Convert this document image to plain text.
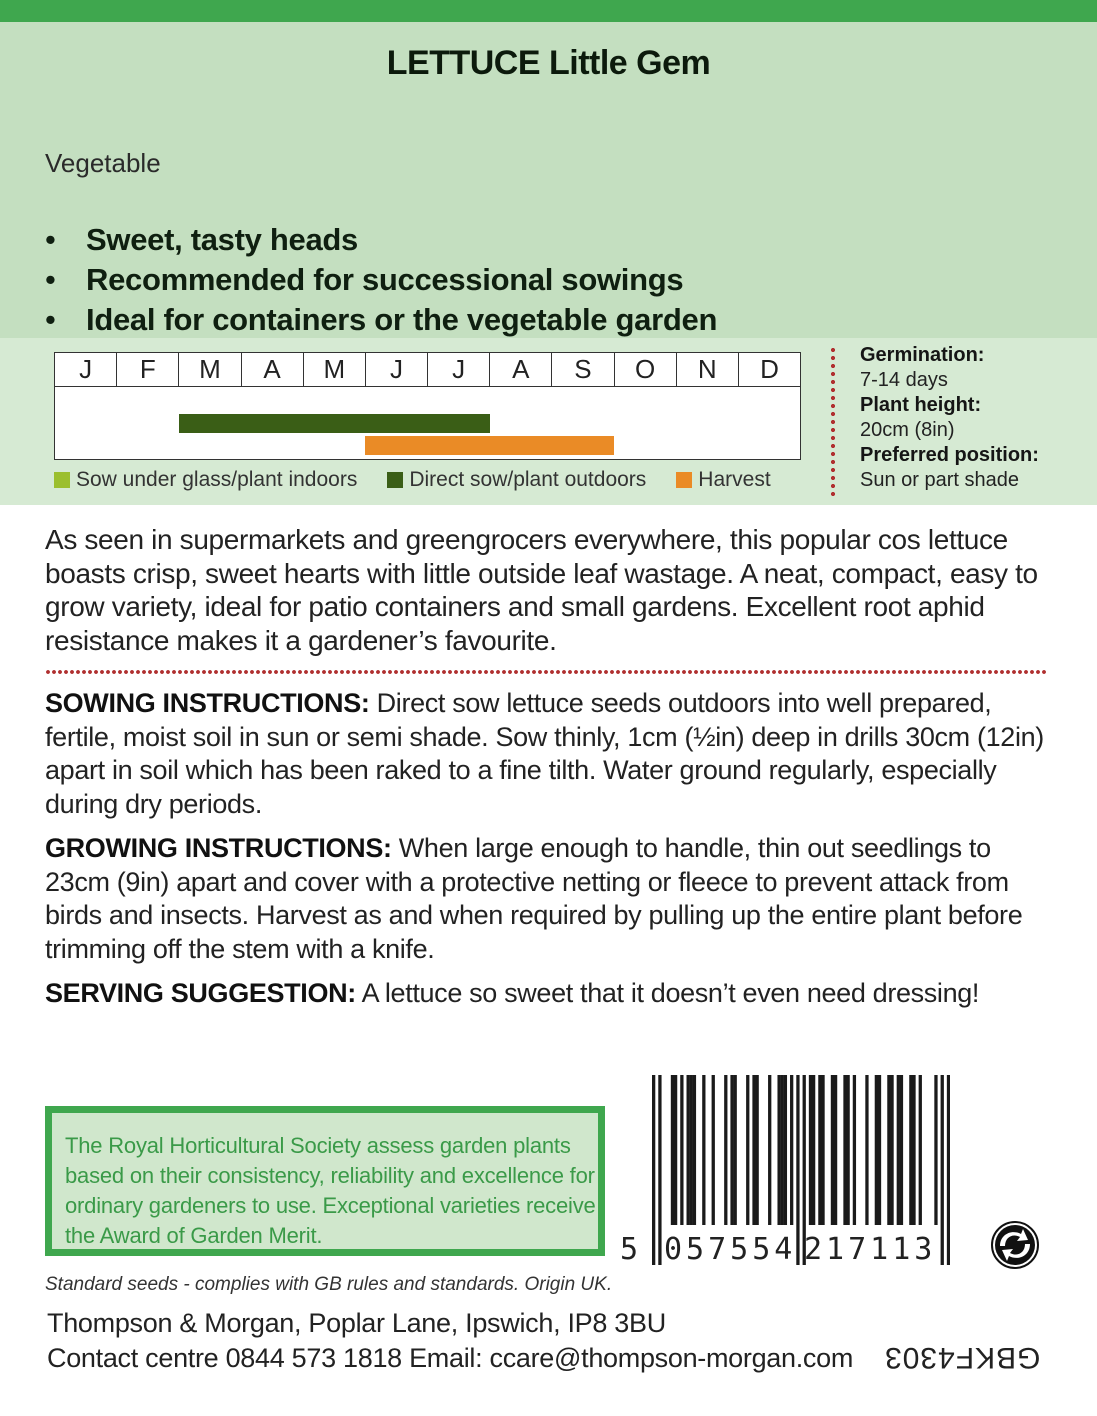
LETTUCE Little Gem
Vegetable
• Sweet, tasty heads
• Recommended for successional sowings
• Ideal for containers or the vegetable garden
J	F	M	A	M	J	J	A	S	O	N	D
Sow under glass/plant indoors Direct sow/plant outdoors Harvest
Germination:
7-14 days
Plant height:
20cm (8in)
Preferred position:
Sun or part shade
As seen in supermarkets and greengrocers everywhere, this popular cos lettuce boasts crisp, sweet hearts with little outside leaf wastage. A neat, compact, easy to grow variety, ideal for patio containers and small gardens. Excellent root aphid resistance makes it a gardener’s favourite.
SOWING INSTRUCTIONS: Direct sow lettuce seeds outdoors into well prepared, fertile, moist soil in sun or semi shade. Sow thinly, 1cm (½in) deep in drills 30cm (12in) apart in soil which has been raked to a fine tilth. Water ground regularly, especially during dry periods.
GROWING INSTRUCTIONS: When large enough to handle, thin out seedlings to 23cm (9in) apart and cover with a protective netting or fleece to prevent attack from birds and insects. Harvest as and when required by pulling up the entire plant before trimming off the stem with a knife.
SERVING SUGGESTION: A lettuce so sweet that it doesn’t even need dressing!

The Royal Horticultural Society assess garden plants based on their consistency, reliability and excellence for ordinary gardeners to use. Exceptional varieties receive the Award of Garden Merit.	5 057554 217113
Standard seeds - complies with GB rules and standards. Origin UK.
Thompson & Morgan, Poplar Lane, Ipswich, IP8 3BU
Contact centre 0844 573 1818 Email: ccare@thompson-morgan.com GBKF4303
